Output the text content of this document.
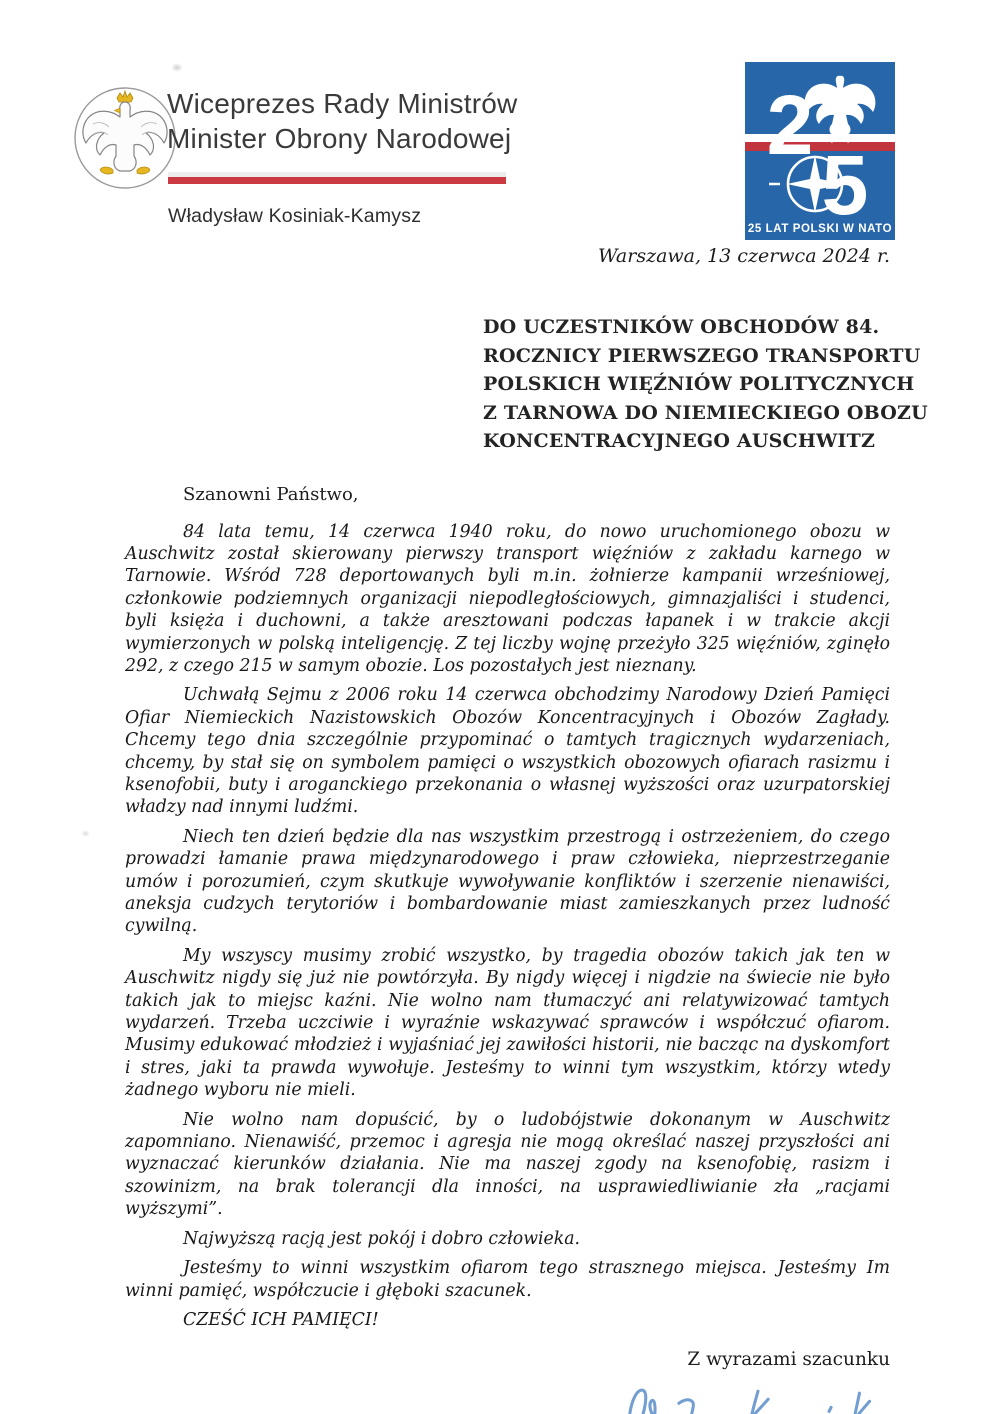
Wiceprezes Rady Ministrów
Minister Obrony Narodowej
Władysław Kosiniak-Kamysz
2
5
25 LAT POLSKI W NATO
Warszawa, 13 czerwca 2024 r.
DO UCZESTNIKÓW OBCHODÓW 84.
ROCZNICY PIERWSZEGO TRANSPORTU
POLSKICH WIĘŹNIÓW POLITYCZNYCH
Z TARNOWA DO NIEMIECKIEGO OBOZU
KONCENTRACYJNEGO AUSCHWITZ
Szanowni Państwo,

84 lata temu, 14 czerwca 1940 roku, do nowo uruchomionego obozu w Auschwitz został skierowany pierwszy transport więźniów z zakładu karnego w Tarnowie. Wśród 728 deportowanych byli m.in. żołnierze kampanii wrześniowej, członkowie podziemnych organizacji niepodległościowych, gimnazjaliści i studenci, byli księża i duchowni, a także aresztowani podczas łapanek i w trakcie akcji wymierzonych w polską inteligencję. Z tej liczby wojnę przeżyło 325 więźniów, zginęło 292, z czego 215 w samym obozie. Los pozostałych jest nieznany.

Uchwałą Sejmu z 2006 roku 14 czerwca obchodzimy Narodowy Dzień Pamięci Ofiar Niemieckich Nazistowskich Obozów Koncentracyjnych i Obozów Zagłady. Chcemy tego dnia szczególnie przypominać o tamtych tragicznych wydarzeniach, chcemy, by stał się on symbolem pamięci o wszystkich obozowych ofiarach rasizmu i ksenofobii, buty i aroganckiego przekonania o własnej wyższości oraz uzurpatorskiej władzy nad innymi ludźmi.

Niech ten dzień będzie dla nas wszystkim przestrogą i ostrzeżeniem, do czego prowadzi łamanie prawa międzynarodowego i praw człowieka, nieprzestrzeganie umów i porozumień, czym skutkuje wywoływanie konfliktów i szerzenie nienawiści, aneksja cudzych terytoriów i bombardowanie miast zamieszkanych przez ludność cywilną.

My wszyscy musimy zrobić wszystko, by tragedia obozów takich jak ten w Auschwitz nigdy się już nie powtórzyła. By nigdy więcej i nigdzie na świecie nie było takich jak to miejsc kaźni. Nie wolno nam tłumaczyć ani relatywizować tamtych wydarzeń. Trzeba uczciwie i wyraźnie wskazywać sprawców i współczuć ofiarom. Musimy edukować młodzież i wyjaśniać jej zawiłości historii, nie bacząc na dyskomfort i stres, jaki ta prawda wywołuje. Jesteśmy to winni tym wszystkim, którzy wtedy żadnego wyboru nie mieli.

Nie wolno nam dopuścić, by o ludobójstwie dokonanym w Auschwitz zapomniano. Nienawiść, przemoc i agresja nie mogą określać naszej przyszłości ani wyznaczać kierunków działania. Nie ma naszej zgody na ksenofobię, rasizm i szowinizm, na brak tolerancji dla inności, na usprawiedliwianie zła „racjami wyższymi”.

Najwyższą racją jest pokój i dobro człowieka.

Jesteśmy to winni wszystkim ofiarom tego strasznego miejsca. Jesteśmy Im winni pamięć, współczucie i głęboki szacunek.

CZEŚĆ ICH PAMIĘCI!

Z wyrazami szacunku
